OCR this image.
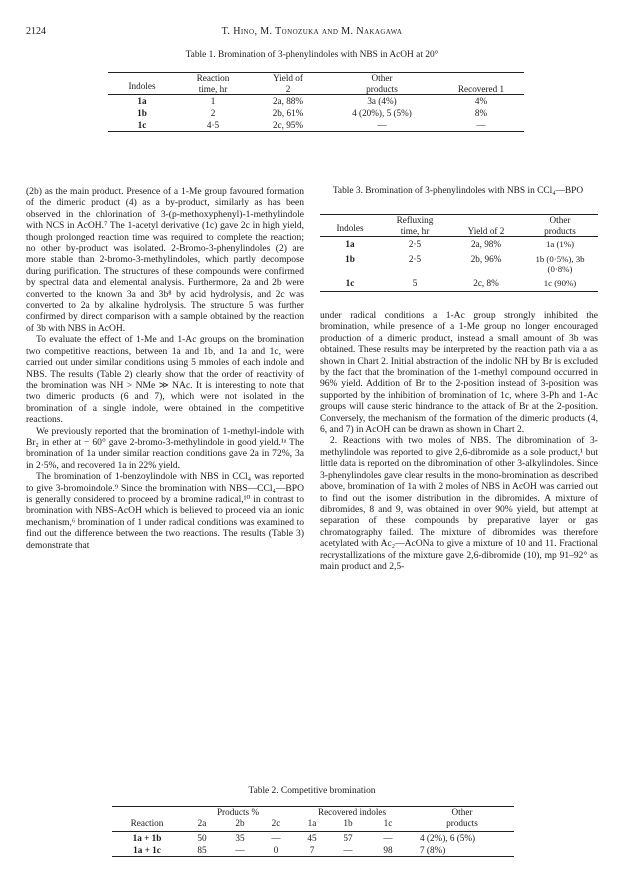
2124	T. Hino, M. Tonozuka and M. Nakagawa
Table 1. Bromination of 3-phenylindoles with NBS in AcOH at 20°
Indoles	Reaction time, hr	Yield of 2	Other products	Recovered 1
1a	1	2a, 88%	3a (4%)	4%
1b	2	2b, 61%	4 (20%), 5 (5%)	8%
1c	4·5	2c, 95%	—	—

(2b) as the main product. Presence of a 1-Me group favoured formation of the dimeric product (4) as a by-product, similarly as has been observed in the chlorination of 3-(p-methoxyphenyl)-1-methylindole with NCS in AcOH.⁷ The 1-acetyl derivative (1c) gave 2c in high yield, though prolonged reaction time was required to complete the reaction; no other by-product was isolated. 2-Bromo-3-phenylindoles (2) are more stable than 2-bromo-3-methylindoles, which partly decompose during purification. The structures of these compounds were confirmed by spectral data and elemental analysis. Furthermore, 2a and 2b were converted to the known 3a and 3b⁸ by acid hydrolysis, and 2c was converted to 2a by alkaline hydrolysis. The structure 5 was further confirmed by direct comparison with a sample obtained by the reaction of 3b with NBS in AcOH.

To evaluate the effect of 1-Me and 1-Ac groups on the bromination two competitive reactions, between 1a and 1b, and 1a and 1c, were carried out under similar conditions using 5 mmoles of each indole and NBS. The results (Table 2) clearly show that the order of reactivity of the bromination was NH > NMe ≫ NAc. It is interesting to note that two dimeric products (6 and 7), which were not isolated in the bromination of a single indole, were obtained in the competitive reactions.

We previously reported that the bromination of 1-methyl-indole with Br₂ in ether at − 60° gave 2-bromo-3-methylindole in good yield.¹ᵃ The bromination of 1a under similar reaction conditions gave 2a in 72%, 3a in 2·5%, and recovered 1a in 22% yield.

The bromination of 1-benzoylindole with NBS in CCl₄ was reported to give 3-bromoindole.⁹ Since the bromination with NBS—CCl₄—BPO is generally considered to proceed by a bromine radical,¹⁰ in contrast to bromination with NBS-AcOH which is believed to proceed via an ionic mechanism,⁶ bromination of 1 under radical conditions was examined to find out the difference between the two reactions. The results (Table 3) demonstrate that

Table 3. Bromination of 3-phenylindoles with NBS in CCl₄—BPO
Indoles	Refluxing time, hr	Yield of 2	Other products
1a	2·5	2a, 98%	1a (1%)
1b	2·5	2b, 96%	1b (0·5%), 3b (0·8%)
1c	5	2c, 8%	1c (90%)

under radical conditions a 1-Ac group strongly inhibited the bromination, while presence of a 1-Me group no longer encouraged production of a dimeric product, instead a small amount of 3b was obtained. These results may be interpreted by the reaction path via a as shown in Chart 2. Initial abstraction of the indolic NH by Br is excluded by the fact that the bromination of the 1-methyl compound occurred in 96% yield. Addition of Br to the 2-position instead of 3-position was supported by the inhibition of bromination of 1c, where 3-Ph and 1-Ac groups will cause steric hindrance to the attack of Br at the 2-position. Conversely, the mechanism of the formation of the dimeric products (4, 6, and 7) in AcOH can be drawn as shown in Chart 2.

2. Reactions with two moles of NBS. The dibromination of 3-methylindole was reported to give 2,6-dibromide as a sole product,¹ but little data is reported on the dibromination of other 3-alkylindoles. Since 3-phenylindoles gave clear results in the mono-bromination as described above, bromination of 1a with 2 moles of NBS in AcOH was carried out to find out the isomer distribution in the dibromides. A mixture of dibromides, 8 and 9, was obtained in over 90% yield, but attempt at separation of these compounds by preparative layer or gas chromatography failed. The mixture of dibromides was therefore acetylated with Ac₂—AcONa to give a mixture of 10 and 11. Fractional recrystallizations of the mixture gave 2,6-dibromide (10), mp 91–92° as main product and 2,5-

Table 2. Competitive bromination
	Products %			Recovered indoles			Other
Reaction	2a	2b	2c	1a	1b	1c	products
1a + 1b	50	35	—	45	57	—	4 (2%), 6 (5%)
1a + 1c	85	—	0	7	—	98	7 (8%)
